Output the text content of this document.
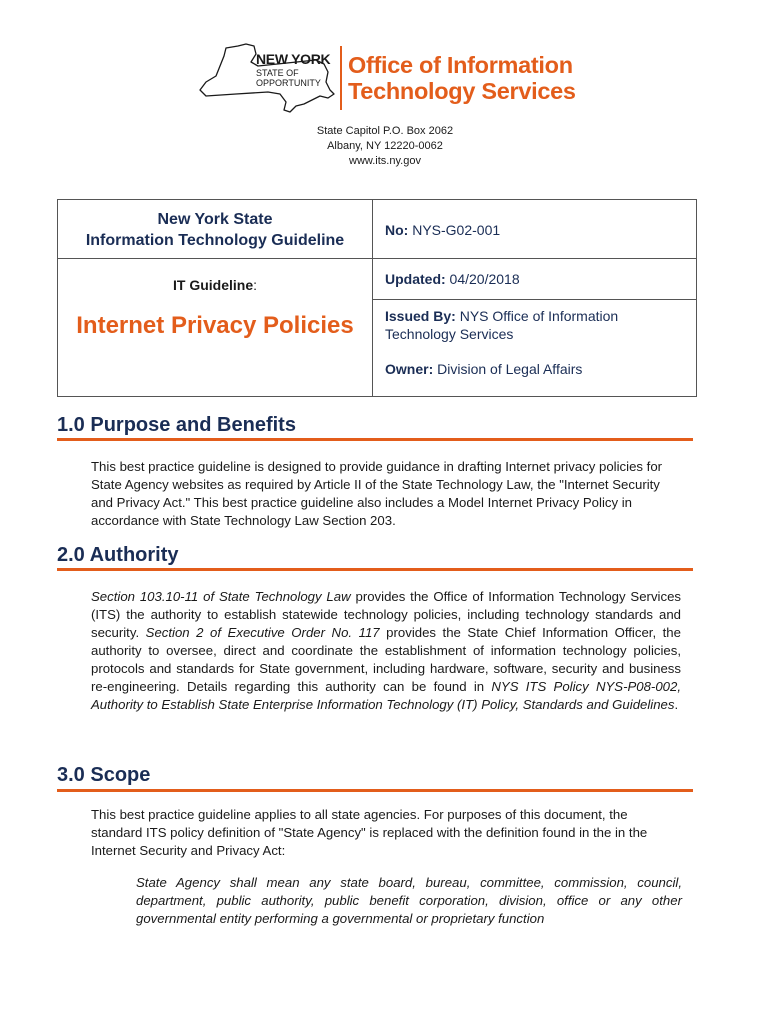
NEW YORK
STATE OF
OPPORTUNITY
Office of Information
Technology Services
State Capitol P.O. Box 2062
Albany, NY 12220-0062
www.its.ny.gov
New York State
Information Technology Guideline
IT Guideline:
Internet Privacy Policies
No: NYS-G02-001
Updated: 04/20/2018
Issued By: NYS Office of Information Technology Services
Owner: Division of Legal Affairs
1.0 Purpose and Benefits
This best practice guideline is designed to provide guidance in drafting Internet privacy policies for State Agency websites as required by Article II of the State Technology Law, the "Internet Security and Privacy Act." This best practice guideline also includes a Model Internet Privacy Policy in accordance with State Technology Law Section 203.
2.0 Authority
Section 103.10-11 of State Technology Law provides the Office of Information Technology Services (ITS) the authority to establish statewide technology policies, including technology standards and security. Section 2 of Executive Order No. 117 provides the State Chief Information Officer, the authority to oversee, direct and coordinate the establishment of information technology policies, protocols and standards for State government, including hardware, software, security and business re-engineering. Details regarding this authority can be found in NYS ITS Policy NYS-P08-002, Authority to Establish State Enterprise Information Technology (IT) Policy, Standards and Guidelines.
3.0 Scope
This best practice guideline applies to all state agencies. For purposes of this document, the standard ITS policy definition of "State Agency" is replaced with the definition found in the in the Internet Security and Privacy Act:
State Agency shall mean any state board, bureau, committee, commission, council, department, public authority, public benefit corporation, division, office or any other governmental entity performing a governmental or proprietary function
